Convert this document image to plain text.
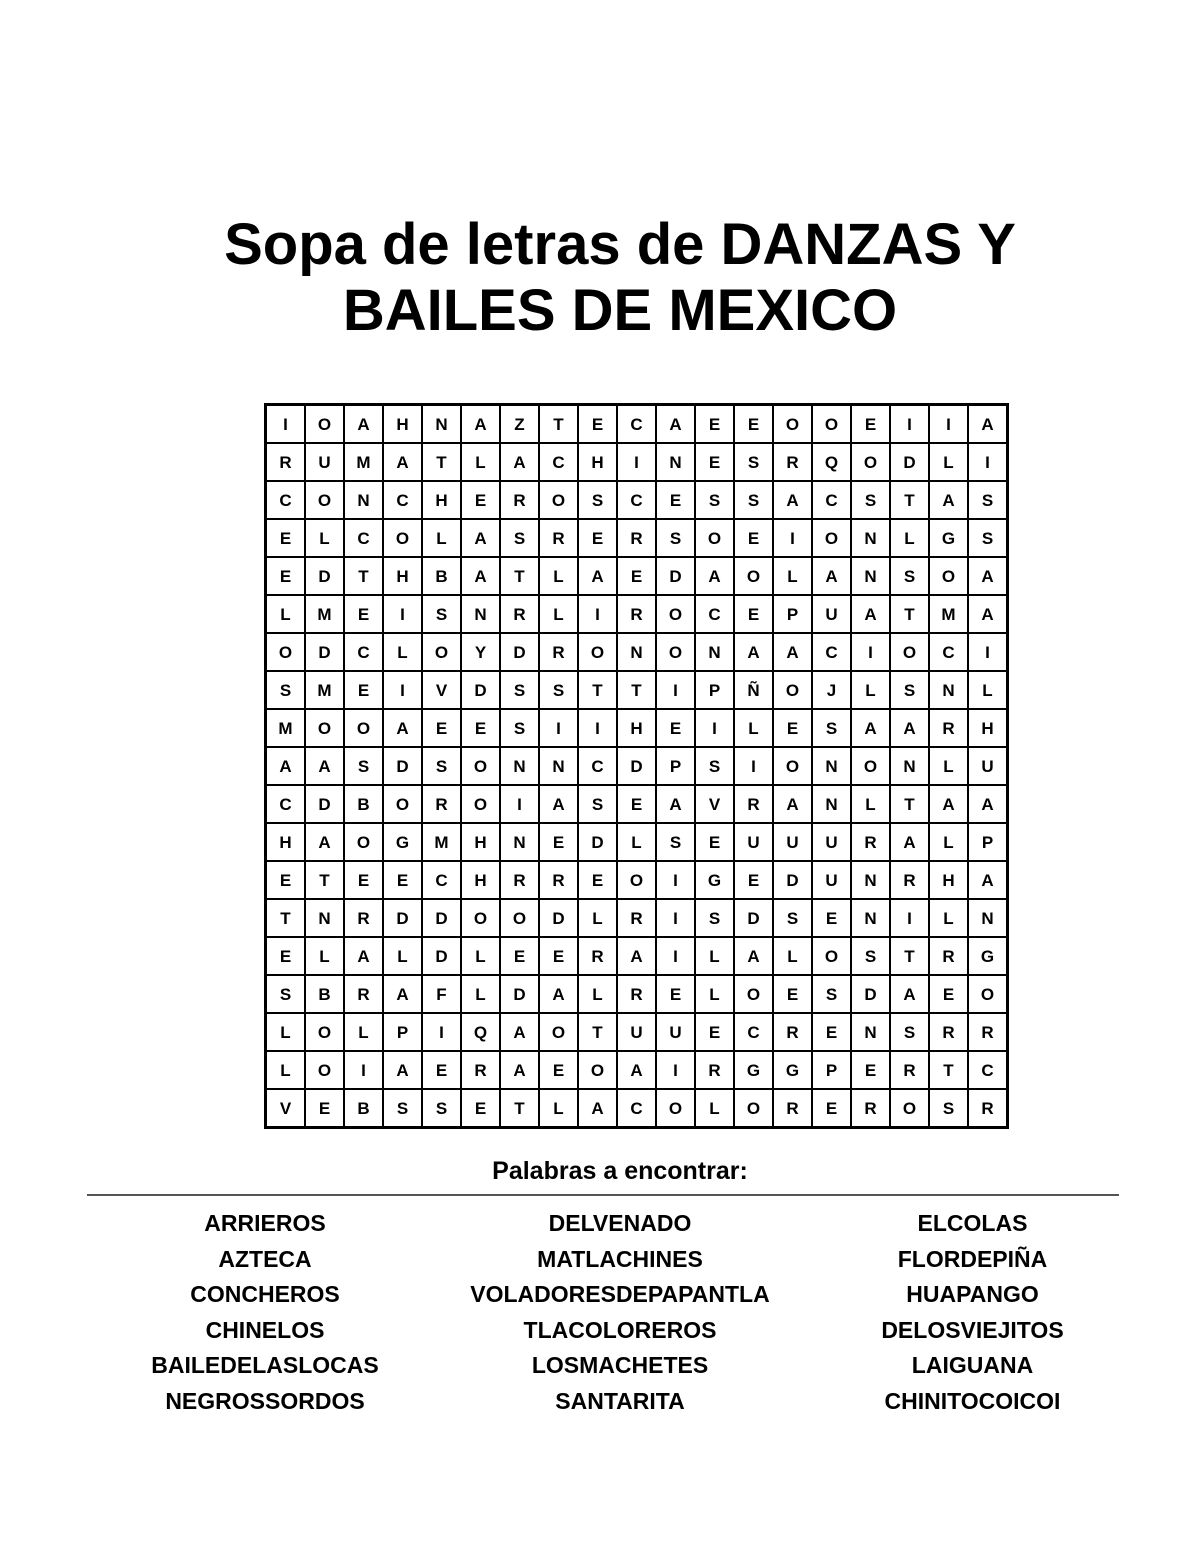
Sopa de letras de DANZAS Y
BAILES DE MEXICO
I	O	A	H	N	A	Z	T	E	C	A	E	E	O	O	E	I	I	A
R	U	M	A	T	L	A	C	H	I	N	E	S	R	Q	O	D	L	I
C	O	N	C	H	E	R	O	S	C	E	S	S	A	C	S	T	A	S
E	L	C	O	L	A	S	R	E	R	S	O	E	I	O	N	L	G	S
E	D	T	H	B	A	T	L	A	E	D	A	O	L	A	N	S	O	A
L	M	E	I	S	N	R	L	I	R	O	C	E	P	U	A	T	M	A
O	D	C	L	O	Y	D	R	O	N	O	N	A	A	C	I	O	C	I
S	M	E	I	V	D	S	S	T	T	I	P	Ñ	O	J	L	S	N	L
M	O	O	A	E	E	S	I	I	H	E	I	L	E	S	A	A	R	H
A	A	S	D	S	O	N	N	C	D	P	S	I	O	N	O	N	L	U
C	D	B	O	R	O	I	A	S	E	A	V	R	A	N	L	T	A	A
H	A	O	G	M	H	N	E	D	L	S	E	U	U	U	R	A	L	P
E	T	E	E	C	H	R	R	E	O	I	G	E	D	U	N	R	H	A
T	N	R	D	D	O	O	D	L	R	I	S	D	S	E	N	I	L	N
E	L	A	L	D	L	E	E	R	A	I	L	A	L	O	S	T	R	G
S	B	R	A	F	L	D	A	L	R	E	L	O	E	S	D	A	E	O
L	O	L	P	I	Q	A	O	T	U	U	E	C	R	E	N	S	R	R
L	O	I	A	E	R	A	E	O	A	I	R	G	G	P	E	R	T	C
V	E	B	S	S	E	T	L	A	C	O	L	O	R	E	R	O	S	R
Palabras a encontrar:
ARRIEROS
AZTECA
CONCHEROS
CHINELOS
BAILEDELASLOCAS
NEGROSSORDOS
DELVENADO
MATLACHINES
VOLADORESDEPAPANTLA
TLACOLOREROS
LOSMACHETES
SANTARITA
ELCOLAS
FLORDEPIÑA
HUAPANGO
DELOSVIEJITOS
LAIGUANA
CHINITOCOICOI
